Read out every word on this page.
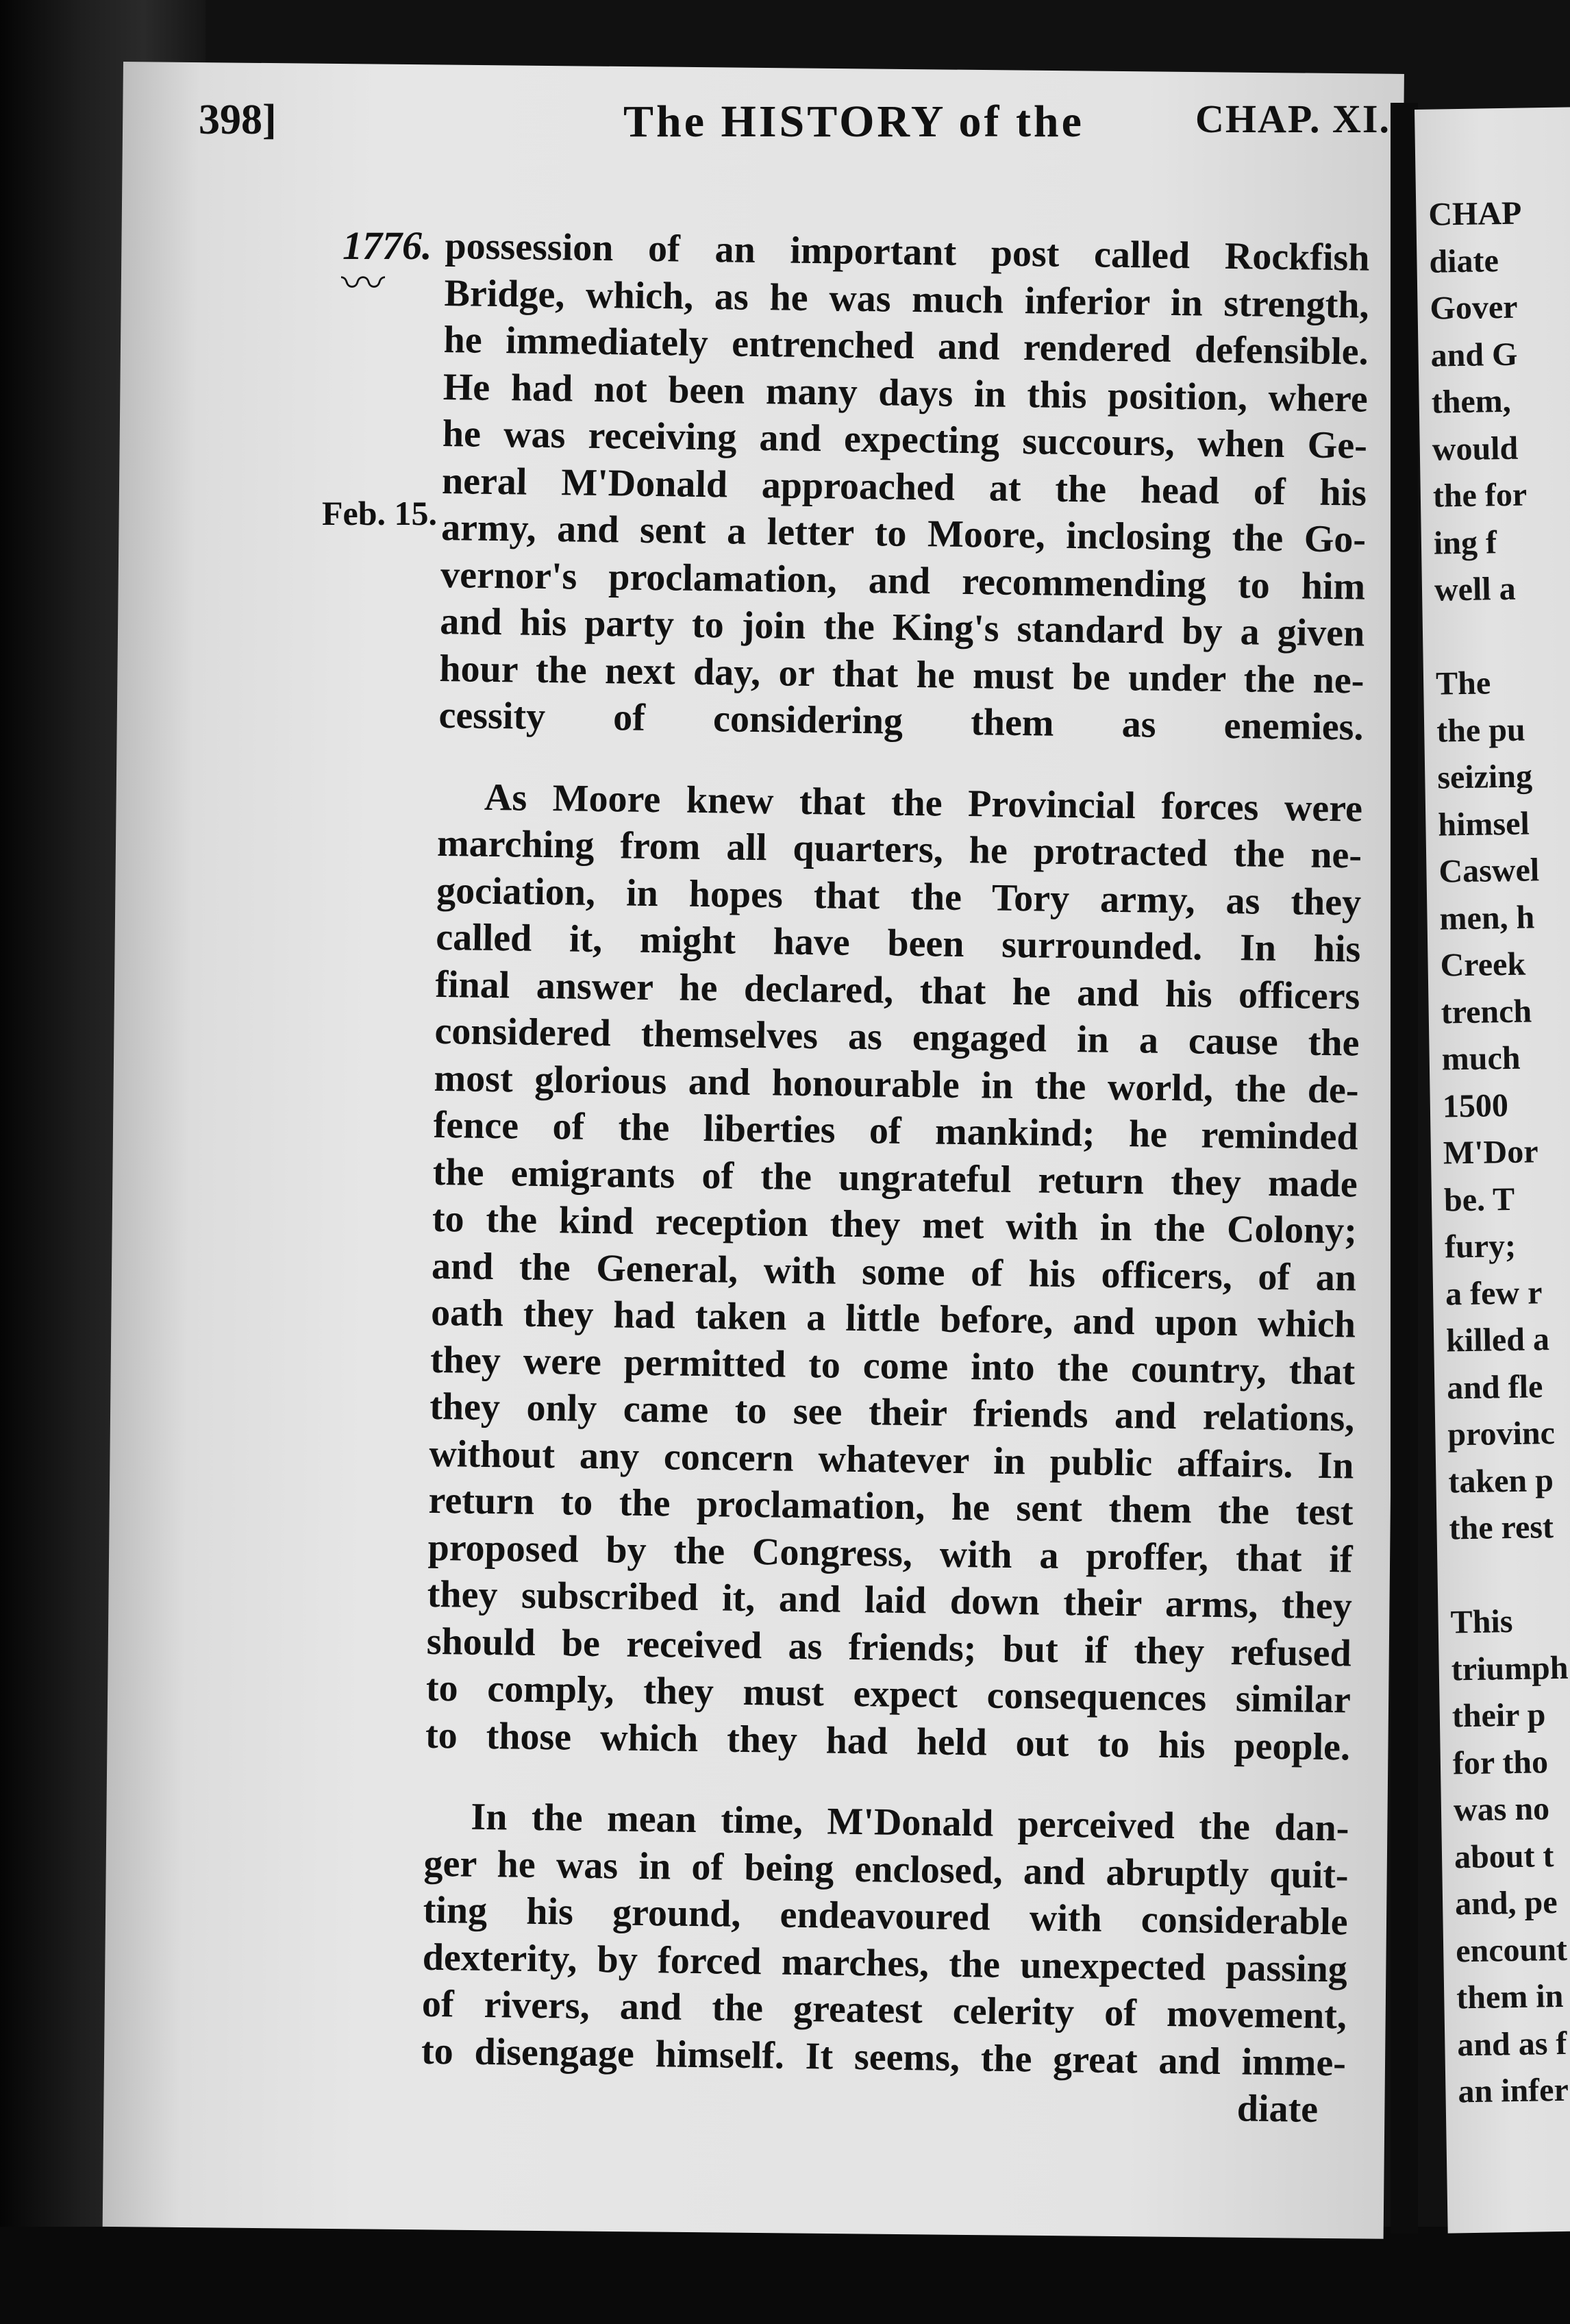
CHAP
diate
Gover
and G
them,
would
the for
ing f
well a

The
the pu
seizing
himsel
Caswel
men, h
Creek
trench
much
1500
M'Dor
be. T
fury;
a few r
killed a
and fle
provinc
taken p
the rest

This
triumph
their p
for tho
was no
about t
and, pe
encount
them in
and as f
an infer
398]	The HISTORY of the	CHAP. XI.
1776.
〰
Feb. 15.
possession of an important post called Rockfish
Bridge, which, as he was much inferior in strength,
he immediately entrenched and rendered defensible.
He had not been many days in this position, where
he was receiving and expecting succours, when Ge-
neral M'Donald approached at the head of his
army, and sent a letter to Moore, inclosing the Go-
vernor's proclamation, and recommending to him
and his party to join the King's standard by a given
hour the next day, or that he must be under the ne-
cessity of considering them as enemies.
As Moore knew that the Provincial forces were
marching from all quarters, he protracted the ne-
gociation, in hopes that the Tory army, as they
called it, might have been surrounded. In his
final answer he declared, that he and his officers
considered themselves as engaged in a cause the
most glorious and honourable in the world, the de-
fence of the liberties of mankind; he reminded
the emigrants of the ungrateful return they made
to the kind reception they met with in the Colony;
and the General, with some of his officers, of an
oath they had taken a little before, and upon which
they were permitted to come into the country, that
they only came to see their friends and relations,
without any concern whatever in public affairs. In
return to the proclamation, he sent them the test
proposed by the Congress, with a proffer, that if
they subscribed it, and laid down their arms, they
should be received as friends; but if they refused
to comply, they must expect consequences similar
to those which they had held out to his people.
In the mean time, M'Donald perceived the dan-
ger he was in of being enclosed, and abruptly quit-
ting his ground, endeavoured with considerable
dexterity, by forced marches, the unexpected passing
of rivers, and the greatest celerity of movement,
to disengage himself. It seems, the great and imme-
diate
